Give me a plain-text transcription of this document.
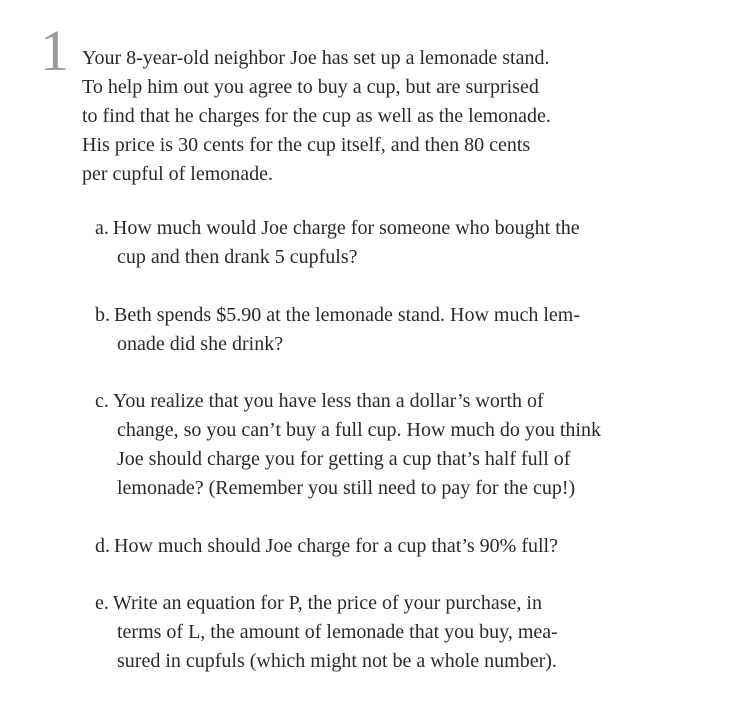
1 Your 8-year-old neighbor Joe has set up a lemonade stand.
To help him out you agree to buy a cup, but are surprised
to find that he charges for the cup as well as the lemonade.
His price is 30 cents for the cup itself, and then 80 cents
per cupful of lemonade.
a. How much would Joe charge for someone who bought the
cup and then drank 5 cupfuls?
b. Beth spends $5.90 at the lemonade stand. How much lem-
onade did she drink?
c. You realize that you have less than a dollar’s worth of
change, so you can’t buy a full cup. How much do you think
Joe should charge you for getting a cup that’s half full of
lemonade? (Remember you still need to pay for the cup!)
d. How much should Joe charge for a cup that’s 90% full?
e. Write an equation for P, the price of your purchase, in
terms of L, the amount of lemonade that you buy, mea-
sured in cupfuls (which might not be a whole number).
